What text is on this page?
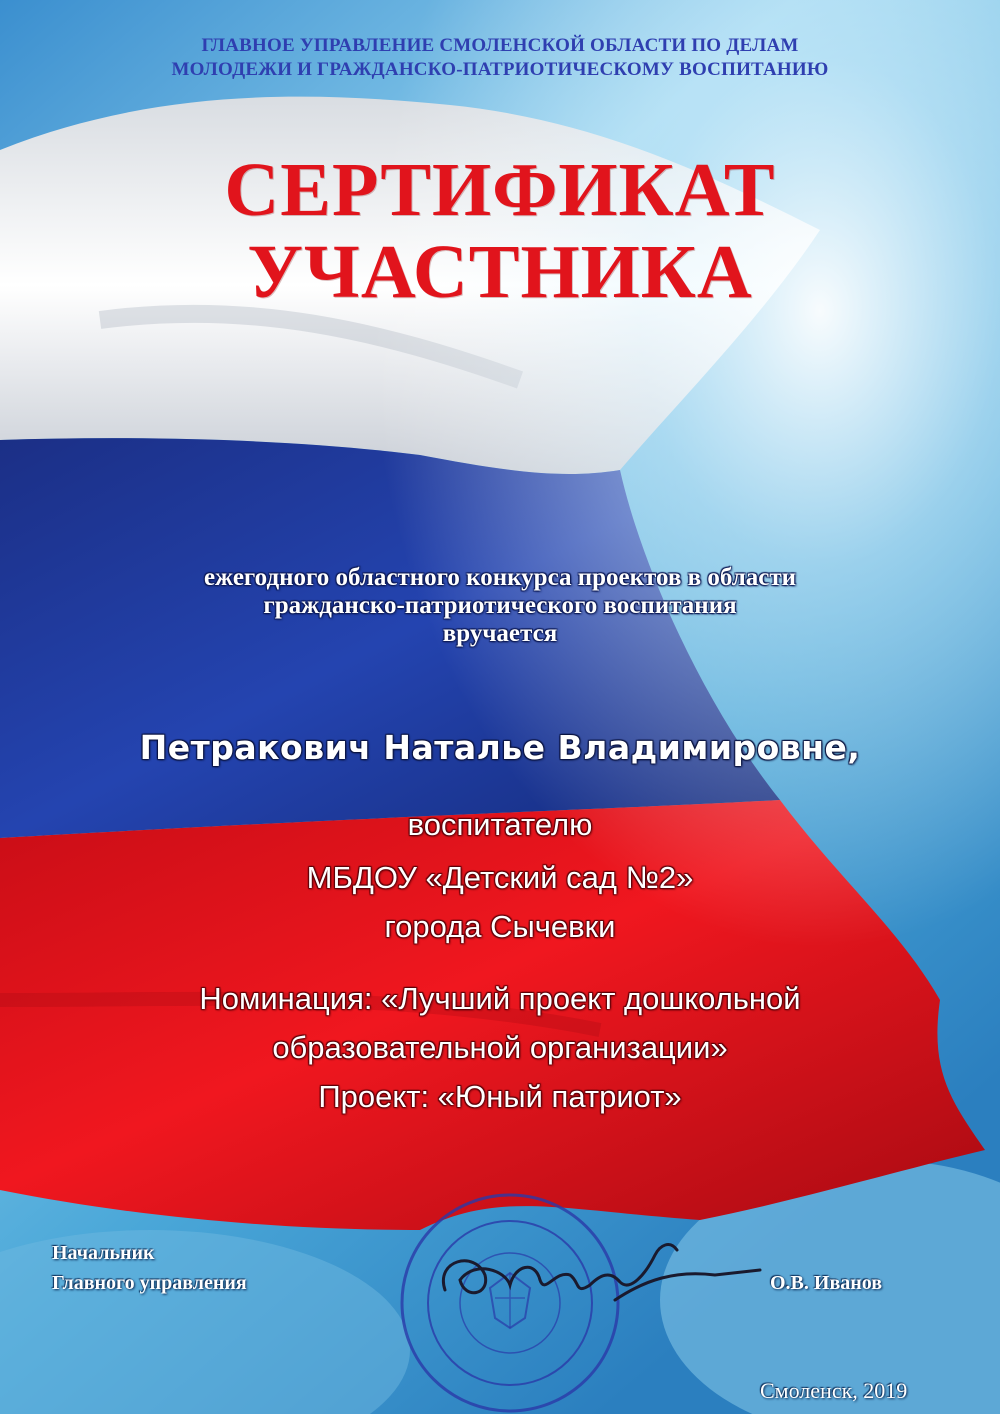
ГЛАВНОЕ УПРАВЛЕНИЕ СМОЛЕНСКОЙ ОБЛАСТИ ПО ДЕЛАМ
МОЛОДЕЖИ И ГРАЖДАНСКО-ПАТРИОТИЧЕСКОМУ ВОСПИТАНИЮ
СЕРТИФИКАТ
УЧАСТНИКА
ежегодного областного конкурса проектов в области
гражданско-патриотического воспитания
вручается
Петракович Наталье Владимировне,
воспитателю
МБДОУ «Детский сад №2»
города Сычевки
Номинация: «Лучший проект дошкольной
образовательной организации»
Проект: «Юный патриот»
Начальник
Главного управления	О.В. Иванов
Смоленск, 2019
